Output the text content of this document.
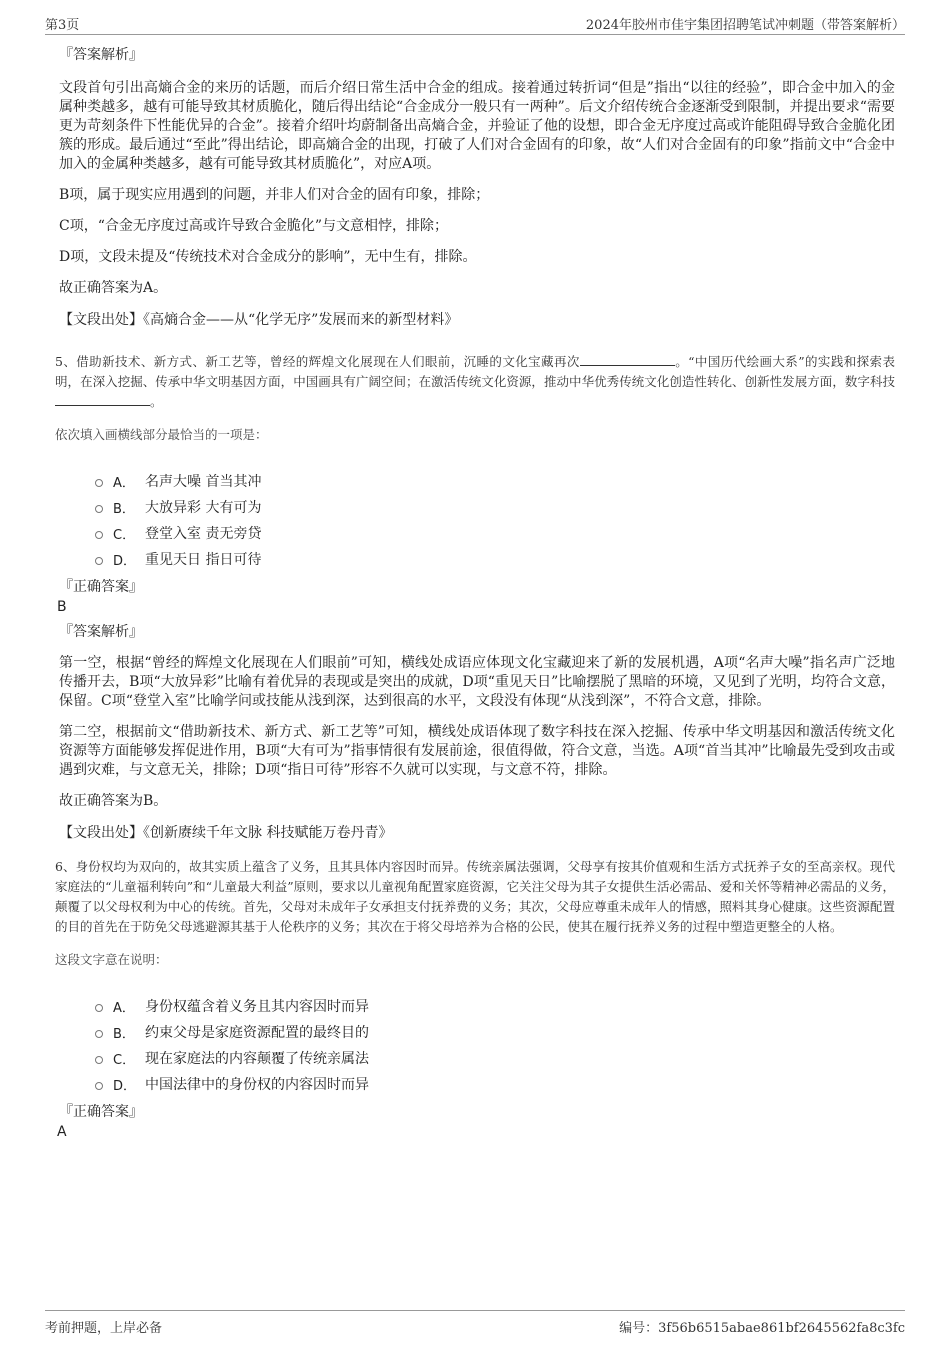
第3页	2024年胶州市佳宇集团招聘笔试冲刺题（带答案解析）
『答案解析』

文段首句引出高熵合金的来历的话题，而后介绍日常生活中合金的组成。接着通过转折词“但是”指出“以往的经验”，即合金中加入的金属种类越多，越有可能导致其材质脆化，随后得出结论“合金成分一般只有一两种”。后文介绍传统合金逐渐受到限制，并提出要求“需要更为苛刻条件下性能优异的合金”。接着介绍叶均蔚制备出高熵合金，并验证了他的设想，即合金无序度过高或许能阻碍导致合金脆化团簇的形成。最后通过“至此”得出结论，即高熵合金的出现，打破了人们对合金固有的印象，故“人们对合金固有的印象”指前文中“合金中加入的金属种类越多，越有可能导致其材质脆化”，对应A项。

B项，属于现实应用遇到的问题，并非人们对合金的固有印象，排除；

C项，“合金无序度过高或许导致合金脆化”与文意相悖，排除；

D项，文段未提及“传统技术对合金成分的影响”，无中生有，排除。

故正确答案为A。

【文段出处】《高熵合金——从“化学无序”发展而来的新型材料》

5、借助新技术、新方式、新工艺等，曾经的辉煌文化展现在人们眼前，沉睡的文化宝藏再次	。“中国历代绘画大系”的实践和探索表明，在深入挖掘、传承中华文明基因方面，中国画具有广阔空间；在激活传统文化资源，推动中华优秀传统文化创造性转化、创新性发展方面，数字科技。

依次填入画横线部分最恰当的一项是：

A． 名声大噪 首当其冲
B． 大放异彩 大有可为
C． 登堂入室 责无旁贷
D． 重见天日 指日可待
『正确答案』
B
『答案解析』

第一空，根据“曾经的辉煌文化展现在人们眼前”可知，横线处成语应体现文化宝藏迎来了新的发展机遇，A项“名声大噪”指名声广泛地传播开去，B项“大放异彩”比喻有着优异的表现或是突出的成就，D项“重见天日”比喻摆脱了黑暗的环境，又见到了光明，均符合文意，保留。C项“登堂入室”比喻学问或技能从浅到深，达到很高的水平，文段没有体现“从浅到深”，不符合文意，排除。

第二空，根据前文“借助新技术、新方式、新工艺等”可知，横线处成语体现了数字科技在深入挖掘、传承中华文明基因和激活传统文化资源等方面能够发挥促进作用，B项“大有可为”指事情很有发展前途，很值得做，符合文意，当选。A项“首当其冲”比喻最先受到攻击或遇到灾难，与文意无关，排除；D项“指日可待”形容不久就可以实现，与文意不符，排除。

故正确答案为B。

【文段出处】《创新赓续千年文脉 科技赋能万卷丹青》

6、身份权均为双向的，故其实质上蕴含了义务，且其具体内容因时而异。传统亲属法强调，父母享有按其价值观和生活方式抚养子女的至高亲权。现代家庭法的“儿童福利转向”和“儿童最大利益”原则，要求以儿童视角配置家庭资源，它关注父母为其子女提供生活必需品、爱和关怀等精神必需品的义务，颠覆了以父母权利为中心的传统。首先，父母对未成年子女承担支付抚养费的义务；其次，父母应尊重未成年人的情感，照料其身心健康。这些资源配置的目的首先在于防免父母逃避源其基于人伦秩序的义务；其次在于将父母培养为合格的公民，使其在履行抚养义务的过程中塑造更整全的人格。

这段文字意在说明：

A． 身份权蕴含着义务且其内容因时而异
B． 约束父母是家庭资源配置的最终目的
C． 现在家庭法的内容颠覆了传统亲属法
D． 中国法律中的身份权的内容因时而异
『正确答案』
A
考前押题，上岸必备	编号：3f56b6515abae861bf2645562fa8c3fc
